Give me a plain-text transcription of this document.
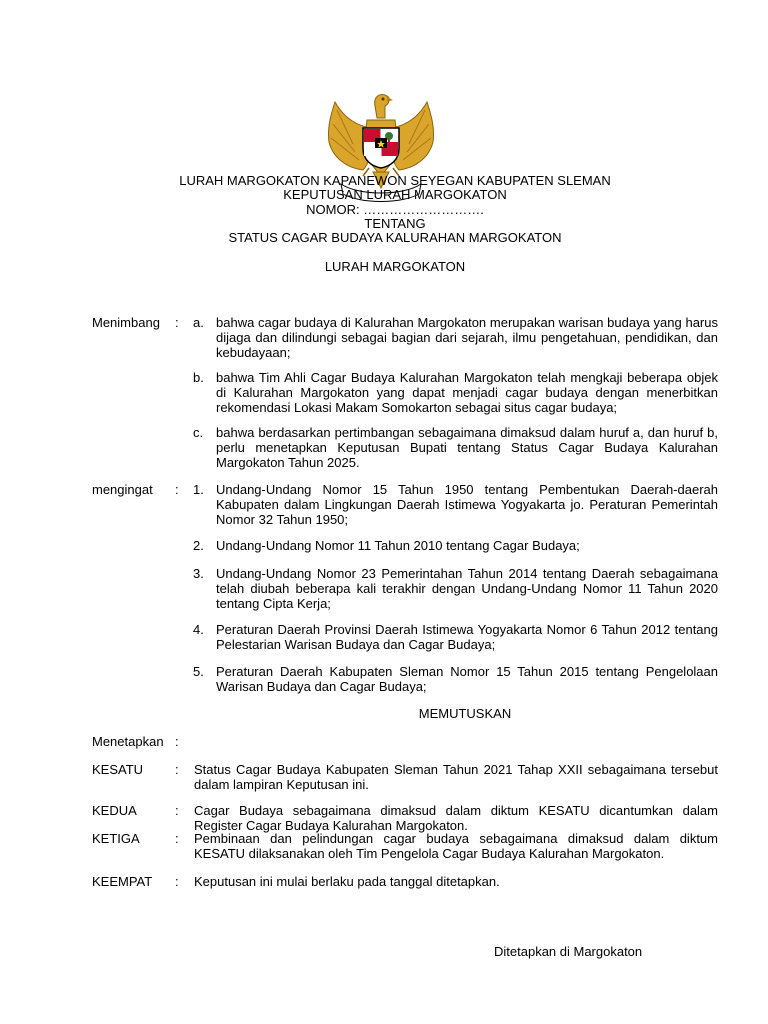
LURAH MARGOKATON KAPANEWON SEYEGAN KABUPATEN SLEMAN
KEPUTUSAN LURAH MARGOKATON
NOMOR: ……………………….
TENTANG
STATUS CAGAR BUDAYA KALURAHAN MARGOKATON
LURAH MARGOKATON
Menimbang : a. bahwa cagar budaya di Kalurahan Margokaton merupakan warisan budaya yang harus dijaga dan dilindungi sebagai bagian dari sejarah, ilmu pengetahuan, pendidikan, dan kebudayaan;
b. bahwa Tim Ahli Cagar Budaya Kalurahan Margokaton telah mengkaji beberapa objek di Kalurahan Margokaton yang dapat menjadi cagar budaya dengan menerbitkan rekomendasi Lokasi Makam Somokarton sebagai situs cagar budaya;
c. bahwa berdasarkan pertimbangan sebagaimana dimaksud dalam huruf a, dan huruf b, perlu menetapkan Keputusan Bupati tentang Status Cagar Budaya Kalurahan Margokaton Tahun 2025.
mengingat : 1. Undang-Undang Nomor 15 Tahun 1950 tentang Pembentukan Daerah-daerah Kabupaten dalam Lingkungan Daerah Istimewa Yogyakarta jo. Peraturan Pemerintah Nomor 32 Tahun 1950;
2. Undang-Undang Nomor 11 Tahun 2010 tentang Cagar Budaya;
3. Undang-Undang Nomor 23 Pemerintahan Tahun 2014 tentang Daerah sebagaimana telah diubah beberapa kali terakhir dengan Undang-Undang Nomor 11 Tahun 2020 tentang Cipta Kerja;
4. Peraturan Daerah Provinsi Daerah Istimewa Yogyakarta Nomor 6 Tahun 2012 tentang Pelestarian Warisan Budaya dan Cagar Budaya;
5. Peraturan Daerah Kabupaten Sleman Nomor 15 Tahun 2015 tentang Pengelolaan Warisan Budaya dan Cagar Budaya;
MEMUTUSKAN
Menetapkan :
KESATU : Status Cagar Budaya Kabupaten Sleman Tahun 2021 Tahap XXII sebagaimana tersebut dalam lampiran Keputusan ini.
KEDUA	: Cagar Budaya sebagaimana dimaksud dalam diktum KESATU dicantumkan dalam Register Cagar Budaya Kalurahan Margokaton.
KETIGA	: Pembinaan dan pelindungan cagar budaya sebagaimana dimaksud dalam diktum KESATU dilaksanakan oleh Tim Pengelola Cagar Budaya Kalurahan Margokaton.
KEEMPAT : Keputusan ini mulai berlaku pada tanggal ditetapkan.
Ditetapkan di Margokaton
